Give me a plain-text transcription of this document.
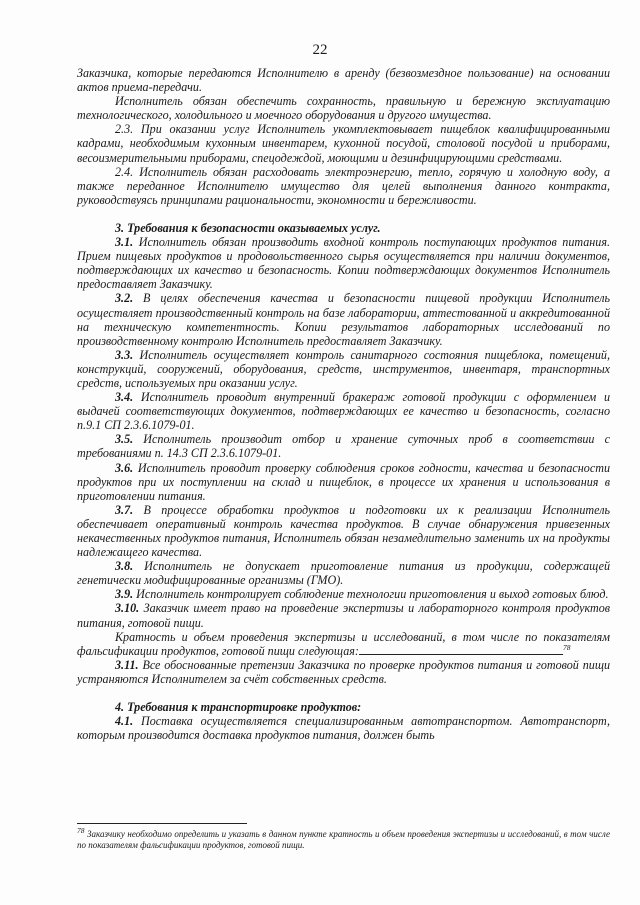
22

Заказчика, которые передаются Исполнителю в аренду (безвозмездное пользование) на основании актов приема-передачи.

Исполнитель обязан обеспечить сохранность, правильную и бережную эксплуатацию технологического, холодильного и моечного оборудования и другого имущества.

2.3. При оказании услуг Исполнитель укомплектовывает пищеблок квалифицированными кадрами, необходимым кухонным инвентарем, кухонной посудой, столовой посудой и приборами, весоизмерительными приборами, спецодеждой, моющими и дезинфицирующими средствами.

2.4. Исполнитель обязан расходовать электроэнергию, тепло, горячую и холодную воду, а также переданное Исполнителю имущество для целей выполнения данного контракта, руководствуясь принципами рациональности, экономности и бережливости.

3. Требования к безопасности оказываемых услуг.

3.1. Исполнитель обязан производить входной контроль поступающих продуктов питания. Прием пищевых продуктов и продовольственного сырья осуществляется при наличии документов, подтверждающих их качество и безопасность. Копии подтверждающих документов Исполнитель предоставляет Заказчику.

3.2. В целях обеспечения качества и безопасности пищевой продукции Исполнитель осуществляет производственный контроль на базе лаборатории, аттестованной и аккредитованной на техническую компетентность. Копии результатов лабораторных исследований по производственному контролю Исполнитель предоставляет Заказчику.

3.3. Исполнитель осуществляет контроль санитарного состояния пищеблока, помещений, конструкций, сооружений, оборудования, средств, инструментов, инвентаря, транспортных средств, используемых при оказании услуг.

3.4. Исполнитель проводит внутренний бракераж готовой продукции с оформлением и выдачей соответствующих документов, подтверждающих ее качество и безопасность, согласно п.9.1 СП 2.3.6.1079-01.

3.5. Исполнитель производит отбор и хранение суточных проб в соответствии с требованиями п. 14.3 СП 2.3.6.1079-01.

3.6. Исполнитель проводит проверку соблюдения сроков годности, качества и безопасности продуктов при их поступлении на склад и пищеблок, в процессе их хранения и использования в приготовлении питания.

3.7. В процессе обработки продуктов и подготовки их к реализации Исполнитель обеспечивает оперативный контроль качества продуктов. В случае обнаружения привезенных некачественных продуктов питания, Исполнитель обязан незамедлительно заменить их на продукты надлежащего качества.

3.8. Исполнитель не допускает приготовление питания из продукции, содержащей генетически модифицированные организмы (ГМО).

3.9. Исполнитель контролирует соблюдение технологии приготовления и выход готовых блюд.

3.10. Заказчик имеет право на проведение экспертизы и лабораторного контроля продуктов питания, готовой пищи.

Кратность и объем проведения экспертизы и исследований, в том числе по показателям фальсификации продуктов, готовой пищи следующая:	$^{78}$

3.11. Все обоснованные претензии Заказчика по проверке продуктов питания и готовой пищи устраняются Исполнителем за счёт собственных средств.

4. Требования к транспортировке продуктов:

4.1. Поставка осуществляется специализированным автотранспортом. Автотранспорт, которым производится доставка продуктов питания, должен быть

$^{78}$ Заказчику необходимо определить и указать в данном пункте кратность и объем проведения экспертизы и исследований, в том числе по показателям фальсификации продуктов, готовой пищи.
